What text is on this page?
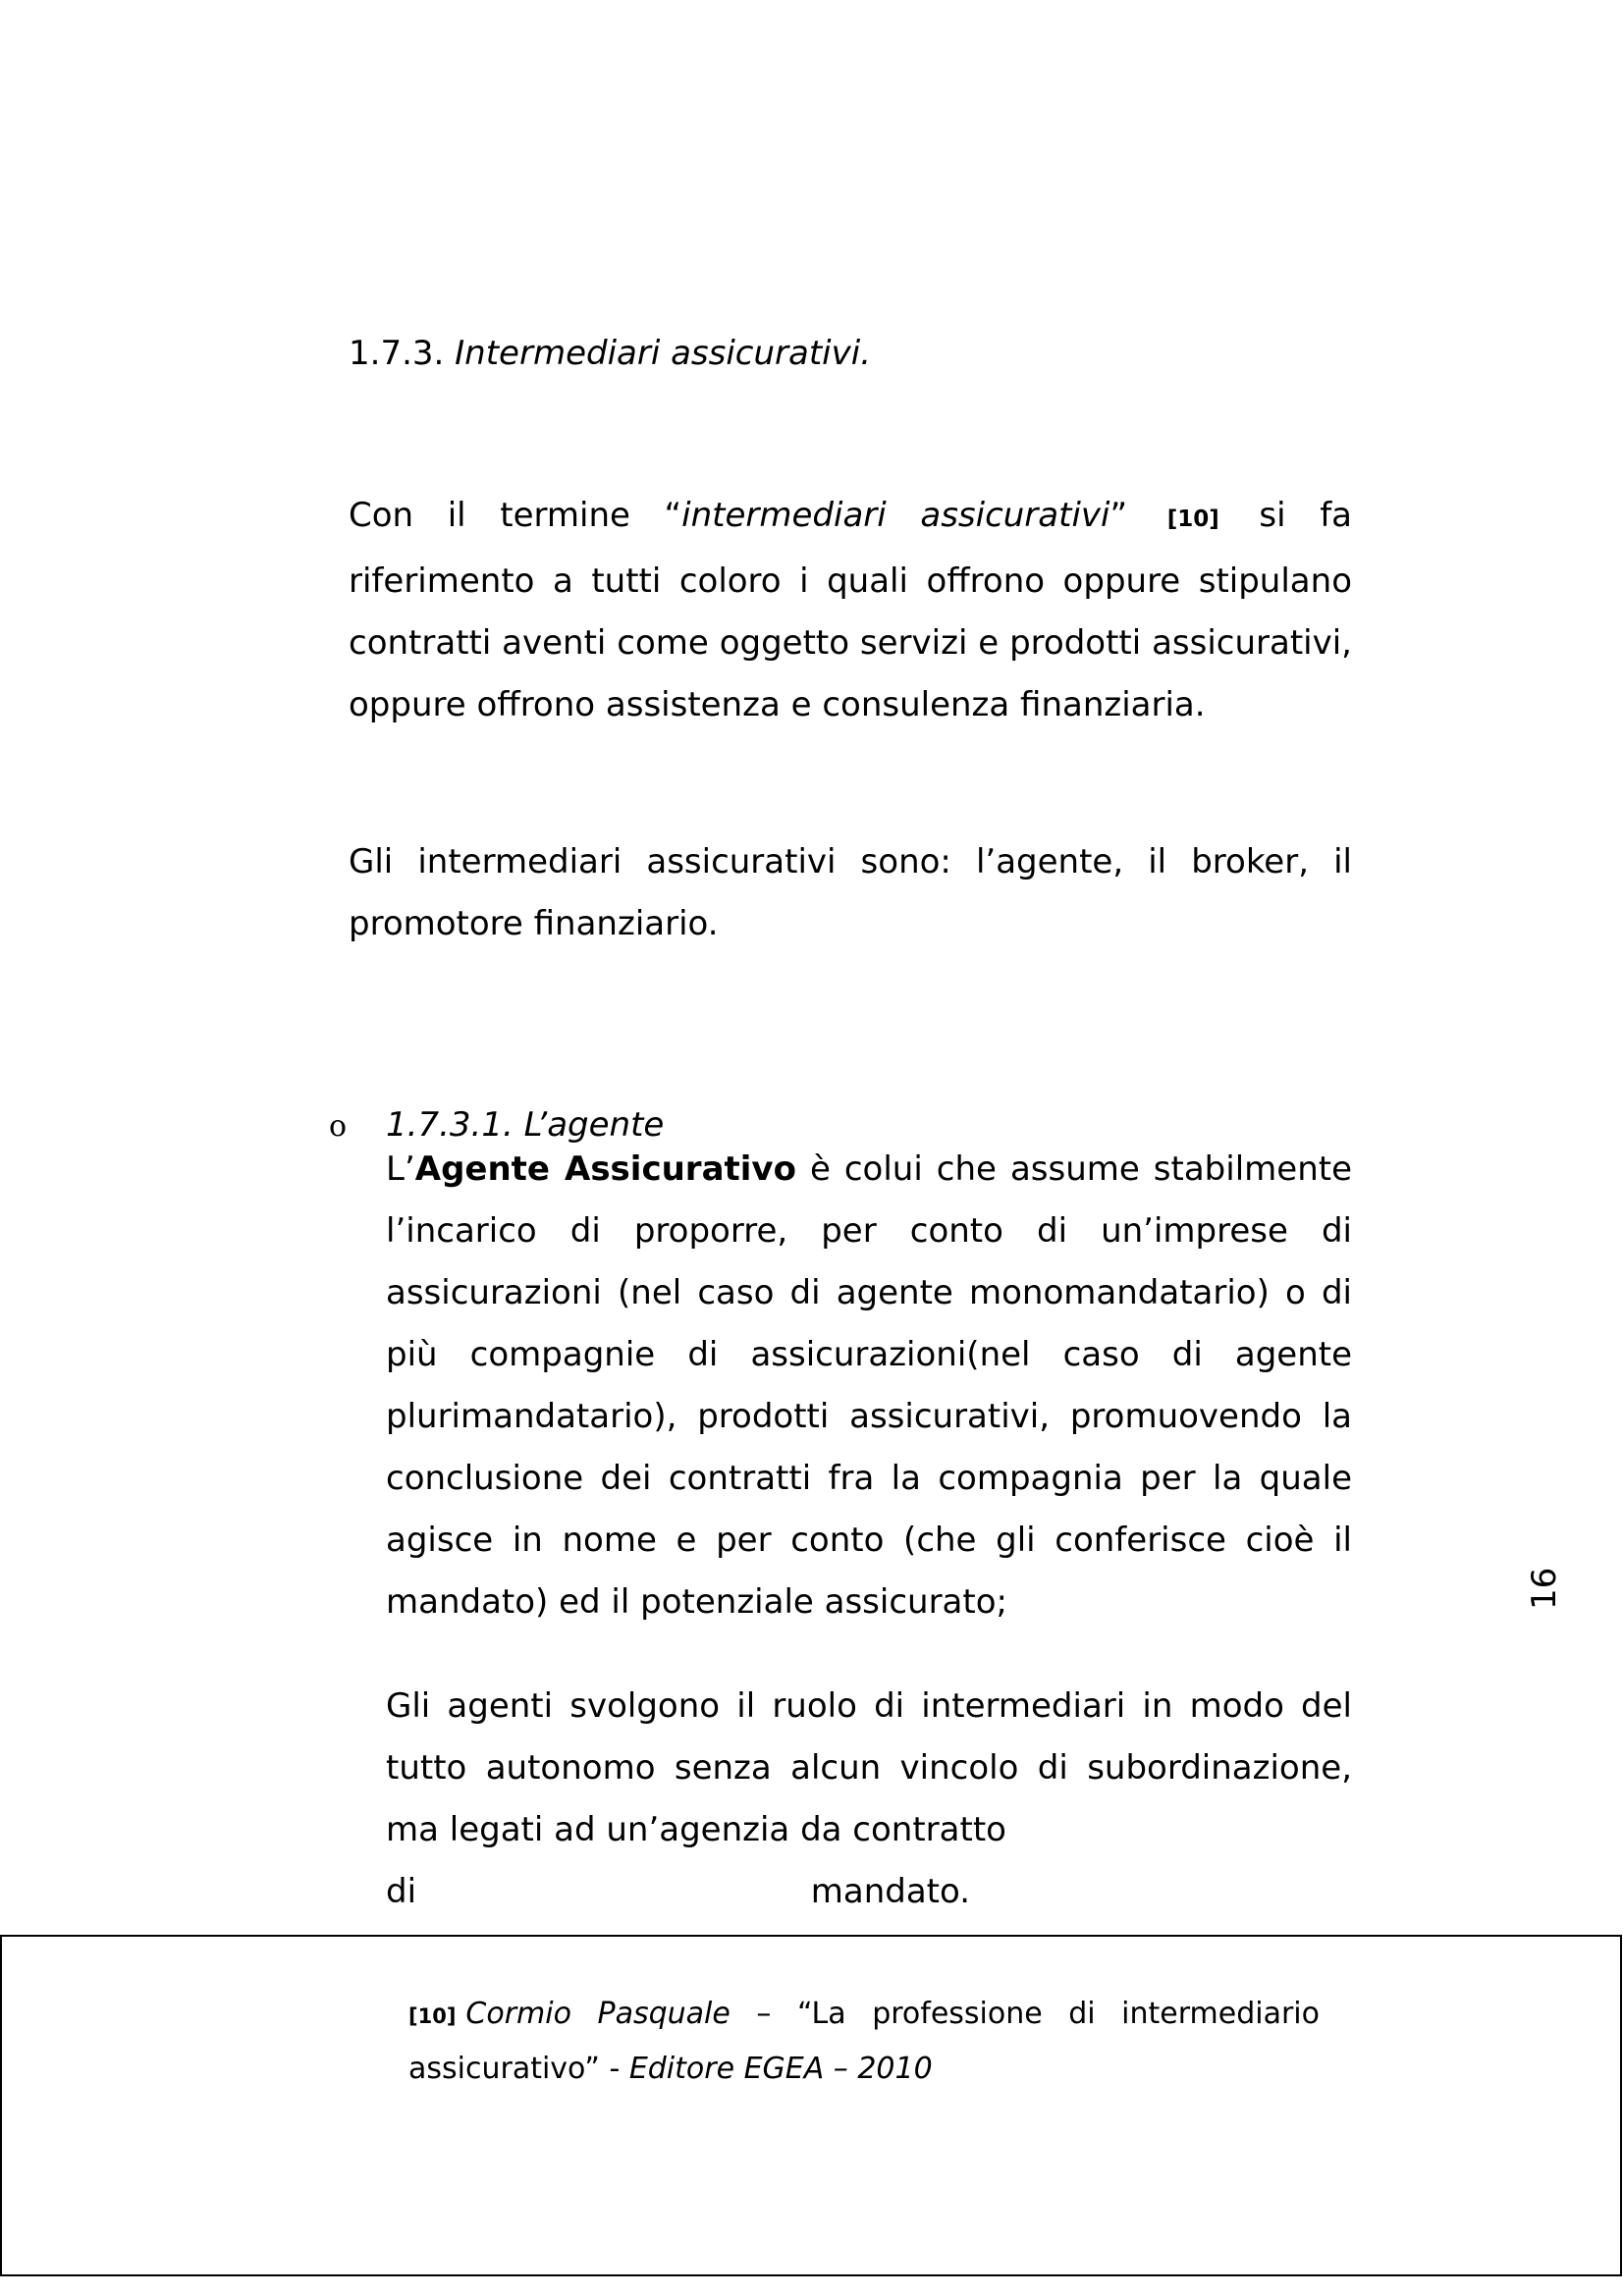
1.7.3. Intermediari assicurativi.
Con il termine “intermediari assicurativi” [10] si fa riferimento a tutti coloro i quali offrono oppure stipulano contratti aventi come oggetto servizi e prodotti assicurativi, oppure offrono assistenza e consulenza finanziaria.
Gli intermediari assicurativi sono: l’agente, il broker, il promotore finanziario.
o 1.7.3.1. L’agente
L’Agente Assicurativo è colui che assume stabilmente l’incarico di proporre, per conto di un’imprese di assicurazioni (nel caso di agente monomandatario) o di più compagnie di assicurazioni(nel caso di agente plurimandatario), prodotti assicurativi, promuovendo la conclusione dei contratti fra la compagnia per la quale agisce in nome e per conto (che gli conferisce cioè il mandato) ed il potenziale assicurato;
Gli agenti svolgono il ruolo di intermediari in modo del tutto autonomo senza alcun vincolo di subordinazione, ma legati ad un’agenzia da contratto
di	mandato.
16
[10] Cormio Pasquale – “La professione di intermediario assicurativo” - Editore EGEA – 2010
